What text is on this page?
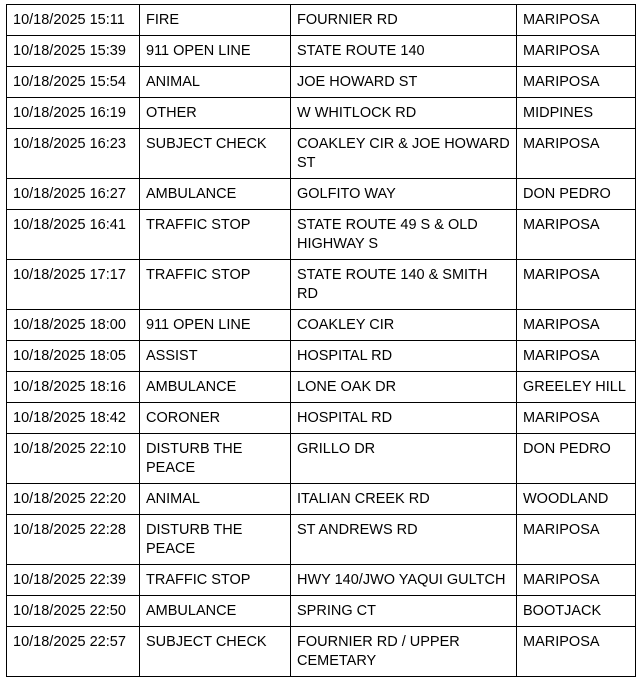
10/18/2025 15:11	FIRE	FOURNIER RD	MARIPOSA
10/18/2025 15:39	911 OPEN LINE	STATE ROUTE 140	MARIPOSA
10/18/2025 15:54	ANIMAL	JOE HOWARD ST	MARIPOSA
10/18/2025 16:19	OTHER	W WHITLOCK RD	MIDPINES
10/18/2025 16:23	SUBJECT CHECK	COAKLEY CIR & JOE HOWARD ST	MARIPOSA
10/18/2025 16:27	AMBULANCE	GOLFITO WAY	DON PEDRO
10/18/2025 16:41	TRAFFIC STOP	STATE ROUTE 49 S & OLD HIGHWAY S	MARIPOSA
10/18/2025 17:17	TRAFFIC STOP	STATE ROUTE 140 & SMITH RD	MARIPOSA
10/18/2025 18:00	911 OPEN LINE	COAKLEY CIR	MARIPOSA
10/18/2025 18:05	ASSIST	HOSPITAL RD	MARIPOSA
10/18/2025 18:16	AMBULANCE	LONE OAK DR	GREELEY HILL
10/18/2025 18:42	CORONER	HOSPITAL RD	MARIPOSA
10/18/2025 22:10	DISTURB THE PEACE	GRILLO DR	DON PEDRO
10/18/2025 22:20	ANIMAL	ITALIAN CREEK RD	WOODLAND
10/18/2025 22:28	DISTURB THE PEACE	ST ANDREWS RD	MARIPOSA
10/18/2025 22:39	TRAFFIC STOP	HWY 140/JWO YAQUI GULTCH	MARIPOSA
10/18/2025 22:50	AMBULANCE	SPRING CT	BOOTJACK
10/18/2025 22:57	SUBJECT CHECK	FOURNIER RD / UPPER CEMETARY	MARIPOSA
